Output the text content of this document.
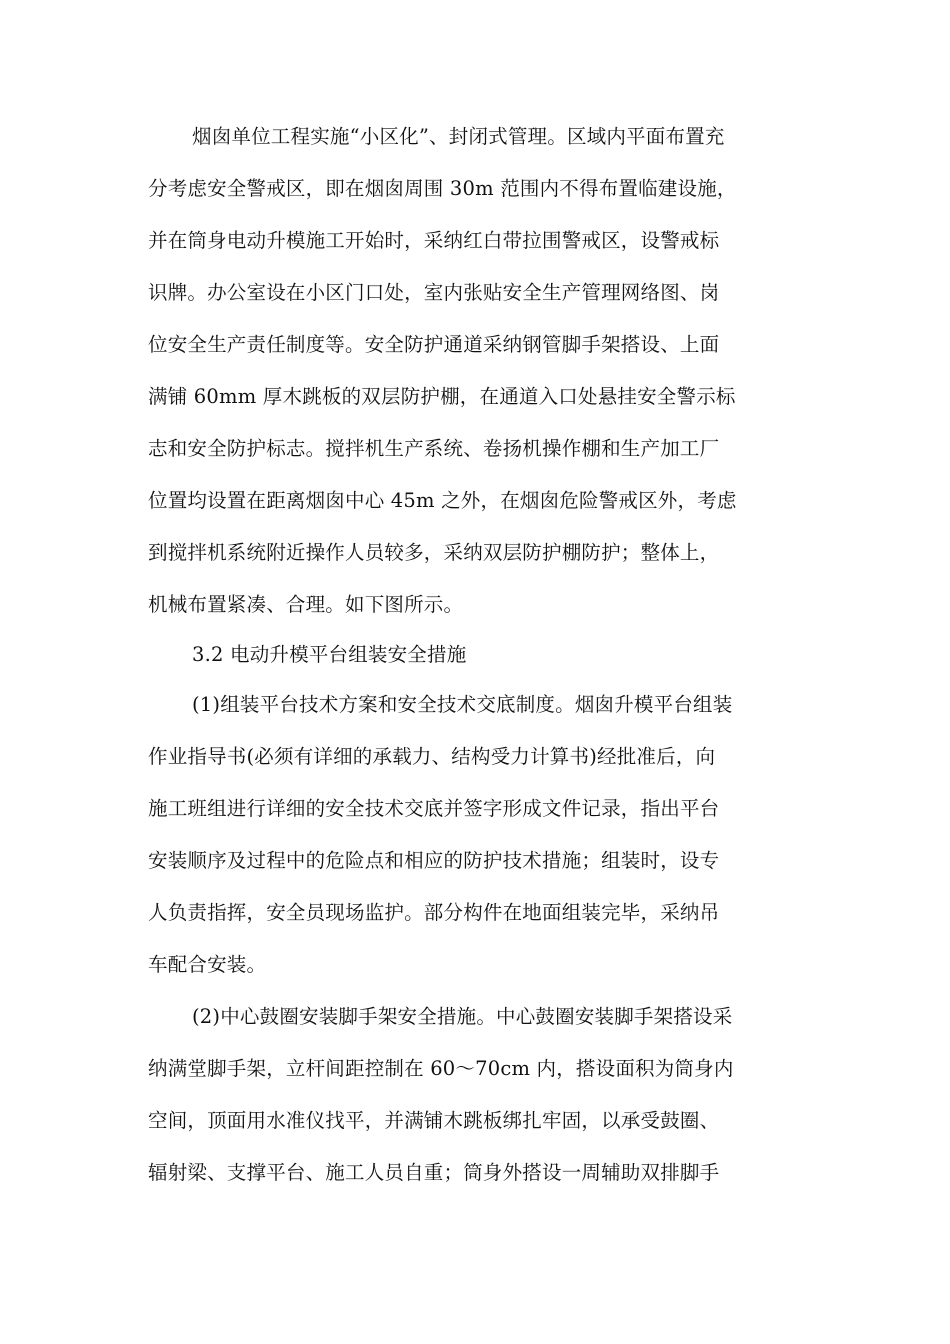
烟囱单位工程实施“小区化”、封闭式管理。区域内平面布置充
分考虑安全警戒区，即在烟囱周围 30m 范围内不得布置临建设施，
并在筒身电动升模施工开始时，采纳红白带拉围警戒区，设警戒标
识牌。办公室设在小区门口处，室内张贴安全生产管理网络图、岗
位安全生产责任制度等。安全防护通道采纳钢管脚手架搭设、上面
满铺 60mm 厚木跳板的双层防护棚，在通道入口处悬挂安全警示标
志和安全防护标志。搅拌机生产系统、卷扬机操作棚和生产加工厂
位置均设置在距离烟囱中心 45m 之外，在烟囱危险警戒区外，考虑
到搅拌机系统附近操作人员较多，采纳双层防护棚防护；整体上，
机械布置紧凑、合理。如下图所示。
3.2 电动升模平台组装安全措施
(1)组装平台技术方案和安全技术交底制度。烟囱升模平台组装
作业指导书(必须有详细的承载力、结构受力计算书)经批准后，向
施工班组进行详细的安全技术交底并签字形成文件记录，指出平台
安装顺序及过程中的危险点和相应的防护技术措施；组装时，设专
人负责指挥，安全员现场监护。部分构件在地面组装完毕，采纳吊
车配合安装。
(2)中心鼓圈安装脚手架安全措施。中心鼓圈安装脚手架搭设采
纳满堂脚手架，立杆间距控制在 60～70cm 内，搭设面积为筒身内
空间，顶面用水准仪找平，并满铺木跳板绑扎牢固，以承受鼓圈、
辐射梁、支撑平台、施工人员自重；筒身外搭设一周辅助双排脚手
